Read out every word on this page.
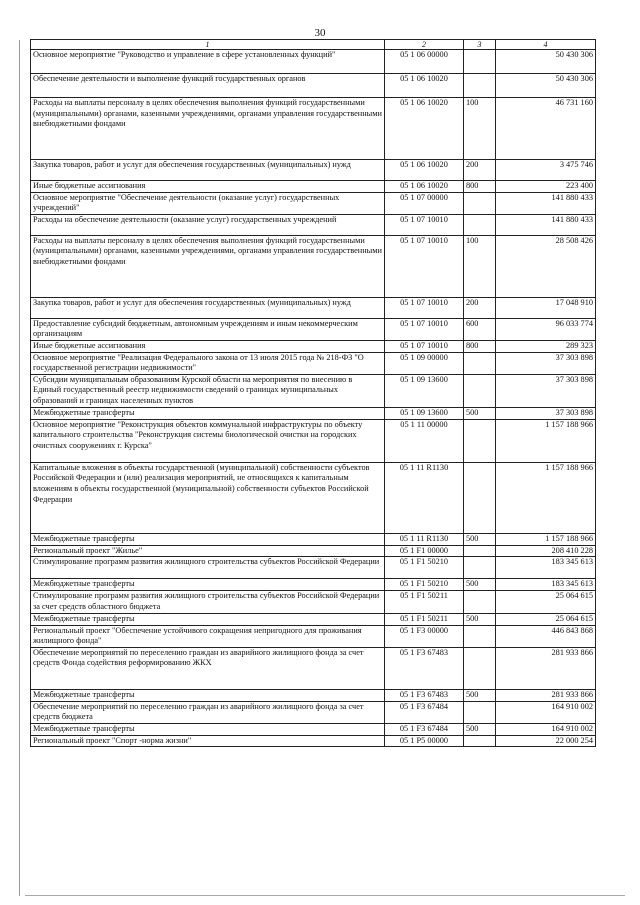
30
1	2	3	4
Основное мероприятие "Руководство и управление в сфере установленных функций"	05 1 06 00000		50 430 306
Обеспечение деятельности и выполнение функций государственных органов	05 1 06 10020		50 430 306
Расходы на выплаты персоналу в целях обеспечения выполнения функций государственными (муниципальными) органами, казенными учреждениями, органами управления государственными внебюджетными фондами	05 1 06 10020	100	46 731 160
Закупка товаров, работ и услуг для обеспечения государственных (муниципальных) нужд	05 1 06 10020	200	3 475 746
Иные бюджетные ассигнования	05 1 06 10020	800	223 400
Основное мероприятие "Обеспечение деятельности (оказание услуг) государственных учреждений"	05 1 07 00000		141 880 433
Расходы на обеспечение деятельности (оказание услуг) государственных учреждений	05 1 07 10010		141 880 433
Расходы на выплаты персоналу в целях обеспечения выполнения функций государственными (муниципальными) органами, казенными учреждениями, органами управления государственными внебюджетными фондами	05 1 07 10010	100	28 508 426
Закупка товаров, работ и услуг для обеспечения государственных (муниципальных) нужд	05 1 07 10010	200	17 048 910
Предоставление субсидий бюджетным, автономным учреждениям и иным некоммерческим организациям	05 1 07 10010	600	96 033 774
Иные бюджетные ассигнования	05 1 07 10010	800	289 323
Основное мероприятие "Реализация Федерального закона от 13 июля 2015 года № 218-ФЗ "О государственной регистрации недвижимости"	05 1 09 00000		37 303 898
Субсидии муниципальным образованиям Курской области на мероприятия по внесению в Единый государственный реестр недвижимости сведений о границах муниципальных образований и границах населенных пунктов	05 1 09 13600		37 303 898
Межбюджетные трансферты	05 1 09 13600	500	37 303 898
Основное мероприятие "Реконструкция объектов коммунальной инфраструктуры по объекту капитального строительства "Реконструкция системы биологической очистки на городских очистных сооружениях г. Курска"	05 1 11 00000		1 157 188 966
Капитальные вложения в объекты государственной (муниципальной) собственности субъектов Российской Федерации и (или) реализация мероприятий, не относящихся к капитальным вложениям в объекты государственной (муниципальной) собственности субъектов Российской Федерации	05 1 11 R1130		1 157 188 966
Межбюджетные трансферты	05 1 11 R1130	500	1 157 188 966
Региональный проект "Жилье"	05 1 F1 00000		208 410 228
Стимулирование программ развития жилищного строительства субъектов Российской Федерации	05 1 F1 50210		183 345 613
Межбюджетные трансферты	05 1 F1 50210	500	183 345 613
Стимулирование программ развития жилищного строительства субъектов Российской Федерации за счет средств областного бюджета	05 1 F1 50211		25 064 615
Межбюджетные трансферты	05 1 F1 50211	500	25 064 615
Региональный проект "Обеспечение устойчивого сокращения непригодного для проживания жилищного фонда"	05 1 F3 00000		446 843 868
Обеспечение мероприятий по переселению граждан из аварийного жилищного фонда за счет средств Фонда содействия реформированию ЖКХ	05 1 F3 67483		281 933 866
Межбюджетные трансферты	05 1 F3 67483	500	281 933 866
Обеспечение мероприятий по переселению граждан из аварийного жилищного фонда за счет средств бюджета	05 1 F3 67484		164 910 002
Межбюджетные трансферты	05 1 F3 67484	500	164 910 002
Региональный проект "Спорт -норма жизни"	05 1 P5 00000		22 000 254
